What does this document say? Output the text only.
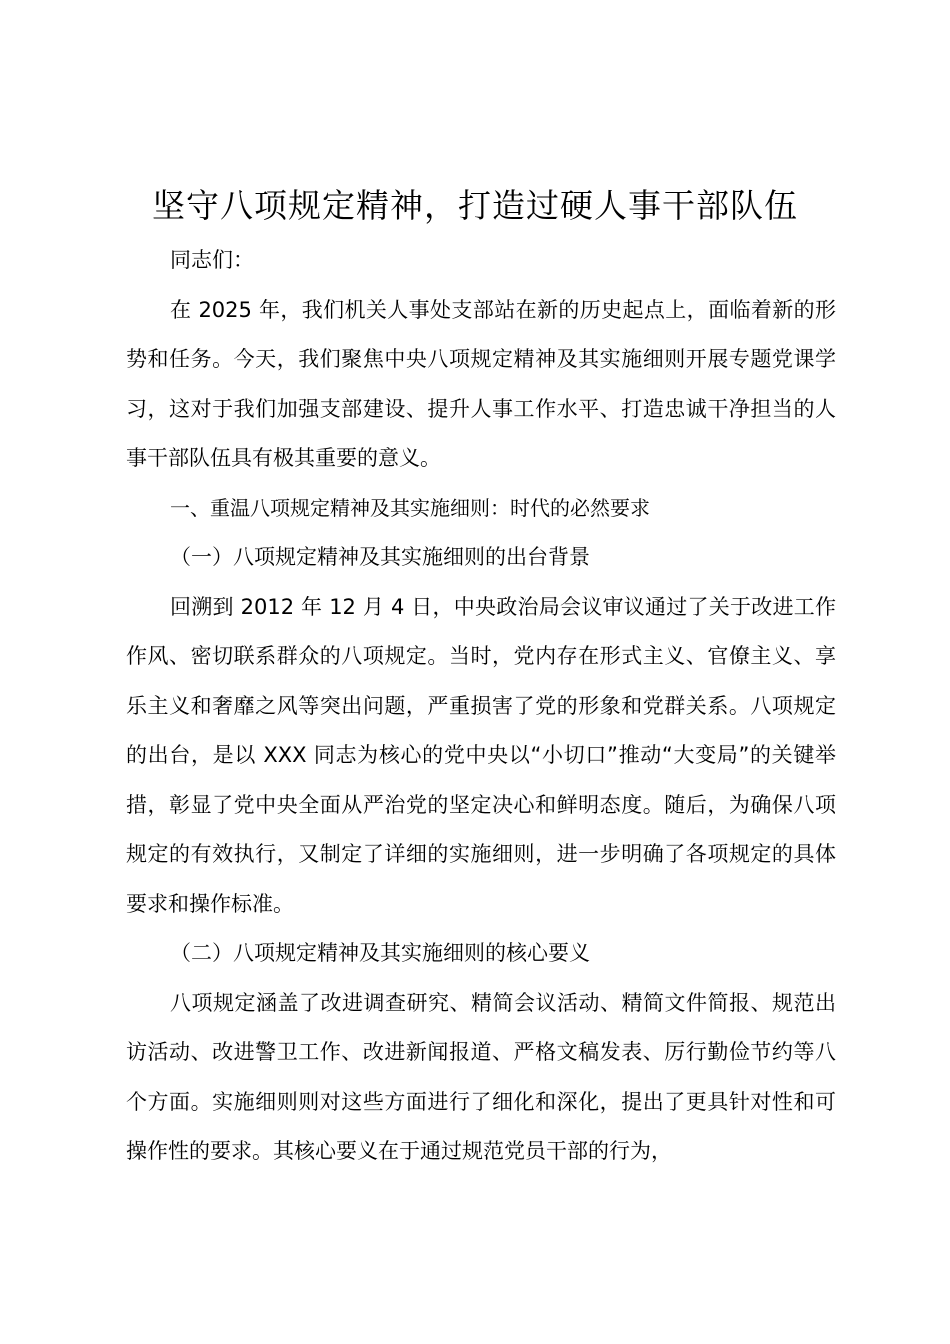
坚守八项规定精神，打造过硬人事干部队伍

同志们：

在 2025 年，我们机关人事处支部站在新的历史起点上，面临着新的形势和任务。今天，我们聚焦中央八项规定精神及其实施细则开展专题党课学习，这对于我们加强支部建设、提升人事工作水平、打造忠诚干净担当的人事干部队伍具有极其重要的意义。

一、重温八项规定精神及其实施细则：时代的必然要求

（一）八项规定精神及其实施细则的出台背景

回溯到 2012 年 12 月 4 日，中央政治局会议审议通过了关于改进工作作风、密切联系群众的八项规定。当时，党内存在形式主义、官僚主义、享乐主义和奢靡之风等突出问题，严重损害了党的形象和党群关系。八项规定的出台，是以 XXX 同志为核心的党中央以“小切口”推动“大变局”的关键举措，彰显了党中央全面从严治党的坚定决心和鲜明态度。随后，为确保八项规定的有效执行，又制定了详细的实施细则，进一步明确了各项规定的具体要求和操作标准。

（二）八项规定精神及其实施细则的核心要义

八项规定涵盖了改进调查研究、精简会议活动、精简文件简报、规范出访活动、改进警卫工作、改进新闻报道、严格文稿发表、厉行勤俭节约等八个方面。实施细则则对这些方面进行了细化和深化，提出了更具针对性和可操作性的要求。其核心要义在于通过规范党员干部的行为，
